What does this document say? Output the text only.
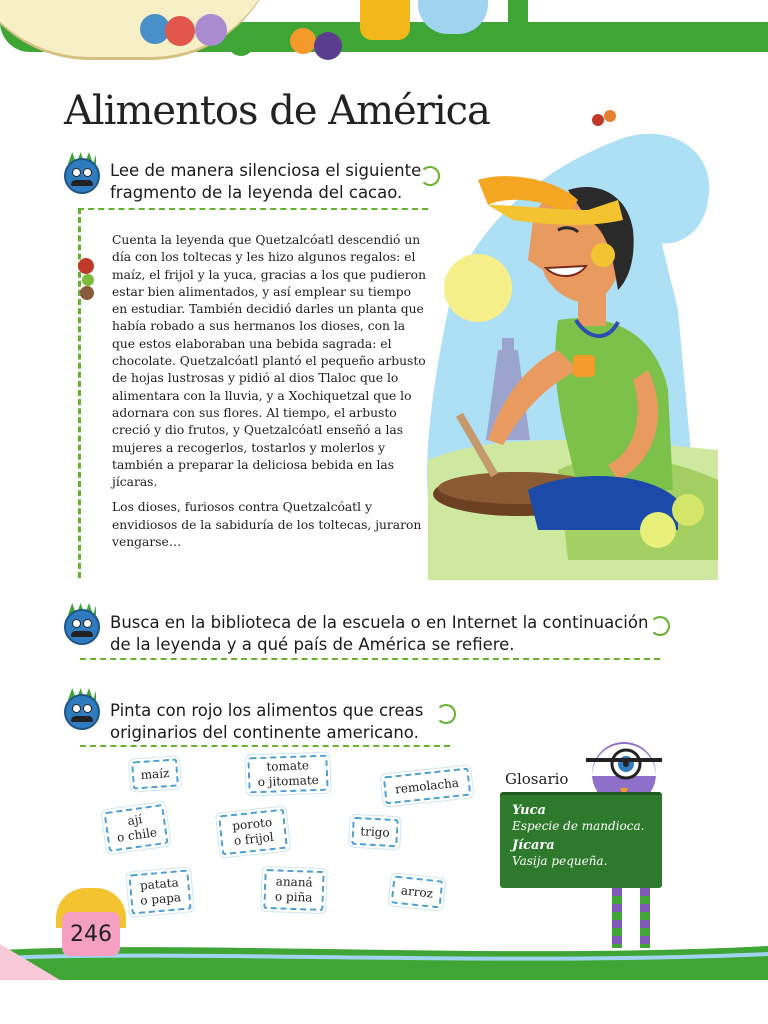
Alimentos de América
Lee de manera silenciosa el siguiente
fragmento de la leyenda del cacao.

Cuenta la leyenda que Quetzalcóatl descendió un día con los toltecas y les hizo algunos regalos: el maíz, el frijol y la yuca, gracias a los que pudieron estar bien alimentados, y así emplear su tiempo en estudiar. También decidió darles un planta que había robado a sus hermanos los dioses, con la que estos elaboraban una bebida sagrada: el chocolate. Quetzalcóatl plantó el pequeño arbusto de hojas lustrosas y pidió al dios Tlaloc que lo alimentara con la lluvia, y a Xochiquetzal que lo adornara con sus flores. Al tiempo, el arbusto creció y dio frutos, y Quetzalcóatl enseñó a las mujeres a recogerlos, tostarlos y molerlos y también a preparar la deliciosa bebida en las jícaras.

Los dioses, furiosos contra Quetzalcóatl y envidiosos de la sabiduría de los toltecas, juraron vengarse…

Busca en la biblioteca de la escuela o en Internet la continuación
de la leyenda y a qué país de América se refiere.
Pinta con rojo los alimentos que creas
originarios del continente americano.
maíz	tomate
o jitomate	remolacha
ají
o chile
poroto
o frijol	trigo
patata
o papa
ananá
o piña	arroz
Glosario
Yuca
Especie de mandioca.
Jícara
Vasija pequeña.
246
